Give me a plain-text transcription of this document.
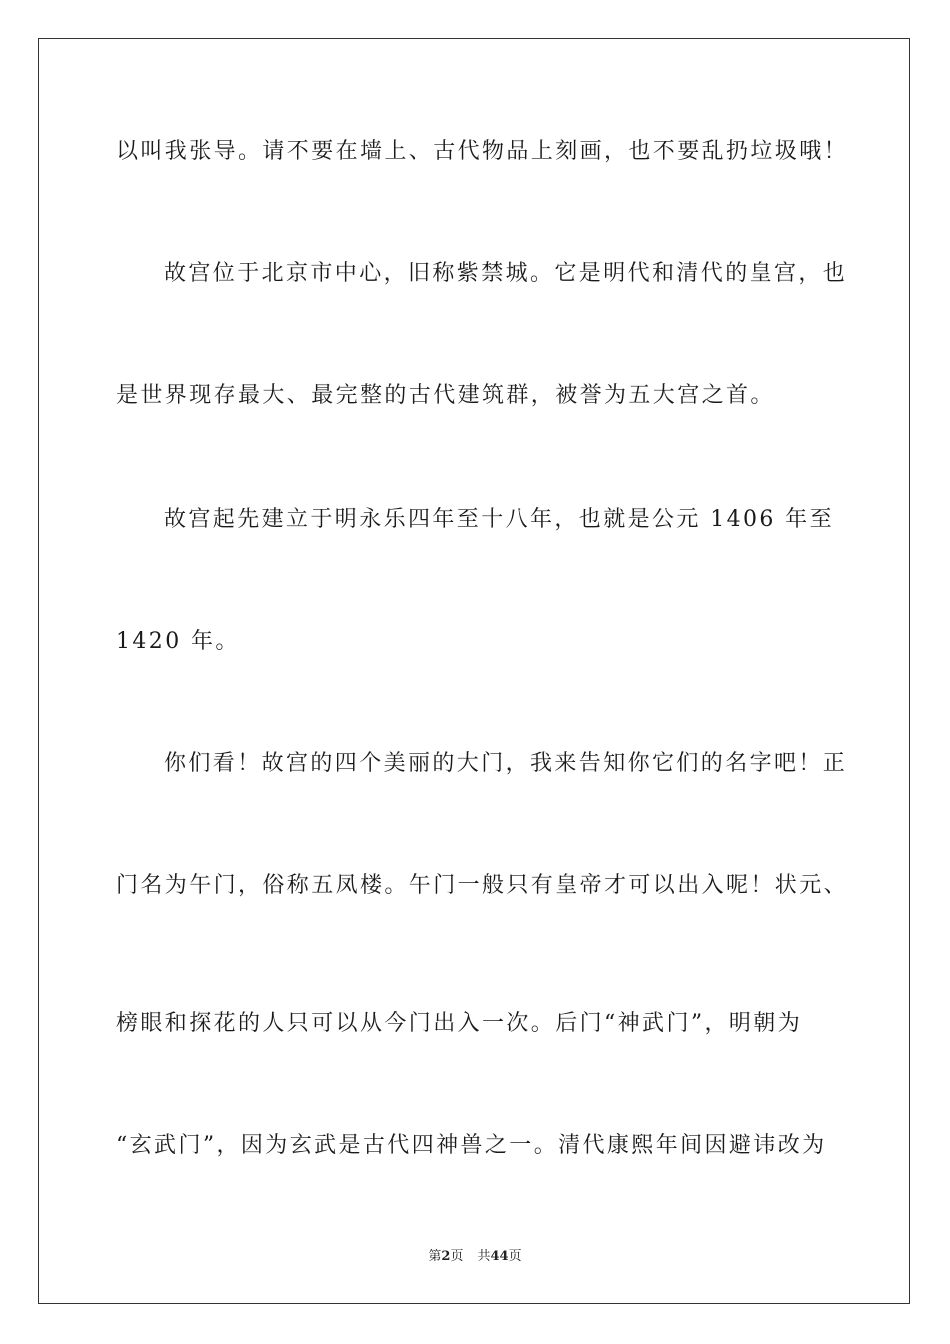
以叫我张导。请不要在墙上、古代物品上刻画，也不要乱扔垃圾哦！
故宫位于北京市中心，旧称紫禁城。它是明代和清代的皇宫，也
是世界现存最大、最完整的古代建筑群，被誉为五大宫之首。
故宫起先建立于明永乐四年至十八年，也就是公元 1406 年至
1420 年。
你们看！故宫的四个美丽的大门，我来告知你它们的名字吧！正
门名为午门，俗称五凤楼。午门一般只有皇帝才可以出入呢！状元、
榜眼和探花的人只可以从今门出入一次。后门“神武门”，明朝为
“玄武门”，因为玄武是古代四神兽之一。清代康熙年间因避讳改为
第2页 共44页
